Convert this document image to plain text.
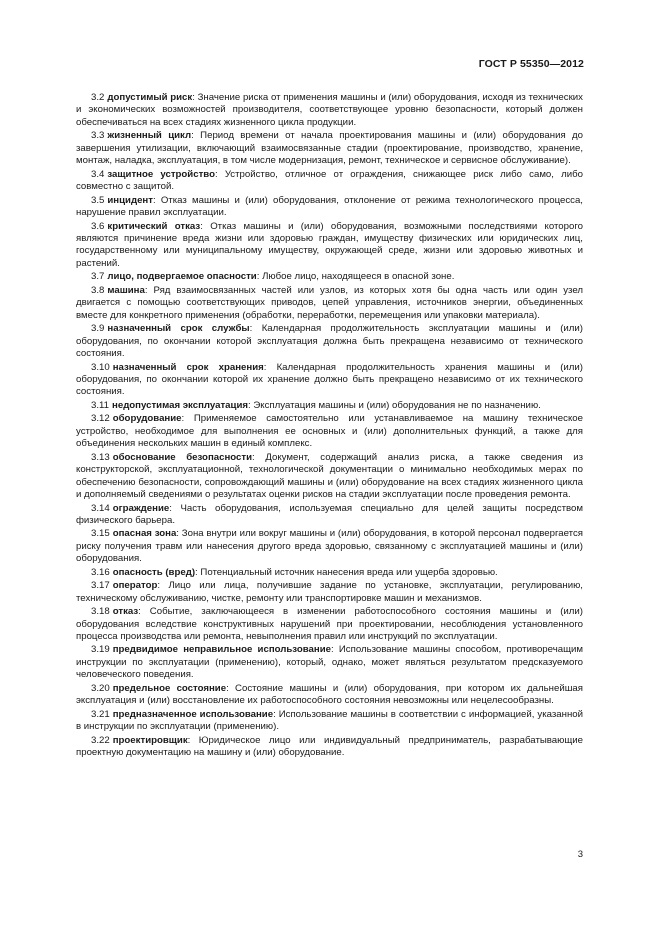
ГОСТ Р 55350—2012

3.2 допустимый риск: Значение риска от применения машины и (или) оборудования, исходя из технических и экономических возможностей производителя, соответствующее уровню безопасности, который должен обеспечиваться на всех стадиях жизненного цикла продукции.

3.3 жизненный цикл: Период времени от начала проектирования машины и (или) оборудования до завершения утилизации, включающий взаимосвязанные стадии (проектирование, производство, хранение, монтаж, наладка, эксплуатация, в том числе модернизация, ремонт, техническое и сервисное обслуживание).

3.4 защитное устройство: Устройство, отличное от ограждения, снижающее риск либо само, либо совместно с защитой.

3.5 инцидент: Отказ машины и (или) оборудования, отклонение от режима технологического процесса, нарушение правил эксплуатации.

3.6 критический отказ: Отказ машины и (или) оборудования, возможными последствиями которого являются причинение вреда жизни или здоровью граждан, имуществу физических или юридических лиц, государственному или муниципальному имуществу, окружающей среде, жизни или здоровью животных и растений.

3.7 лицо, подвергаемое опасности: Любое лицо, находящееся в опасной зоне.

3.8 машина: Ряд взаимосвязанных частей или узлов, из которых хотя бы одна часть или один узел двигается с помощью соответствующих приводов, цепей управления, источников энергии, объединенных вместе для конкретного применения (обработки, переработки, перемещения или упаковки материала).

3.9 назначенный срок службы: Календарная продолжительность эксплуатации машины и (или) оборудования, по окончании которой эксплуатация должна быть прекращена независимо от технического состояния.

3.10 назначенный срок хранения: Календарная продолжительность хранения машины и (или) оборудования, по окончании которой их хранение должно быть прекращено независимо от их технического состояния.

3.11 недопустимая эксплуатация: Эксплуатация машины и (или) оборудования не по назначению.

3.12 оборудование: Применяемое самостоятельно или устанавливаемое на машину техническое устройство, необходимое для выполнения ее основных и (или) дополнительных функций, а также для объединения нескольких машин в единый комплекс.

3.13 обоснование безопасности: Документ, содержащий анализ риска, а также сведения из конструкторской, эксплуатационной, технологической документации о минимально необходимых мерах по обеспечению безопасности, сопровождающий машины и (или) оборудование на всех стадиях жизненного цикла и дополняемый сведениями о результатах оценки рисков на стадии эксплуатации после проведения ремонта.

3.14 ограждение: Часть оборудования, используемая специально для целей защиты посредством физического барьера.

3.15 опасная зона: Зона внутри или вокруг машины и (или) оборудования, в которой персонал подвергается риску получения травм или нанесения другого вреда здоровью, связанному с эксплуатацией машины и (или) оборудования.

3.16 опасность (вред): Потенциальный источник нанесения вреда или ущерба здоровью.

3.17 оператор: Лицо или лица, получившие задание по установке, эксплуатации, регулированию, техническому обслуживанию, чистке, ремонту или транспортировке машин и механизмов.

3.18 отказ: Событие, заключающееся в изменении работоспособного состояния машины и (или) оборудования вследствие конструктивных нарушений при проектировании, несоблюдения установленного процесса производства или ремонта, невыполнения правил или инструкций по эксплуатации.

3.19 предвидимое неправильное использование: Использование машины способом, противоречащим инструкции по эксплуатации (применению), который, однако, может являться результатом предсказуемого человеческого поведения.

3.20 предельное состояние: Состояние машины и (или) оборудования, при котором их дальнейшая эксплуатация и (или) восстановление их работоспособного состояния невозможны или нецелесообразны.

3.21 предназначенное использование: Использование машины в соответствии с информацией, указанной в инструкции по эксплуатации (применению).

3.22 проектировщик: Юридическое лицо или индивидуальный предприниматель, разрабатывающие проектную документацию на машину и (или) оборудование.

3
